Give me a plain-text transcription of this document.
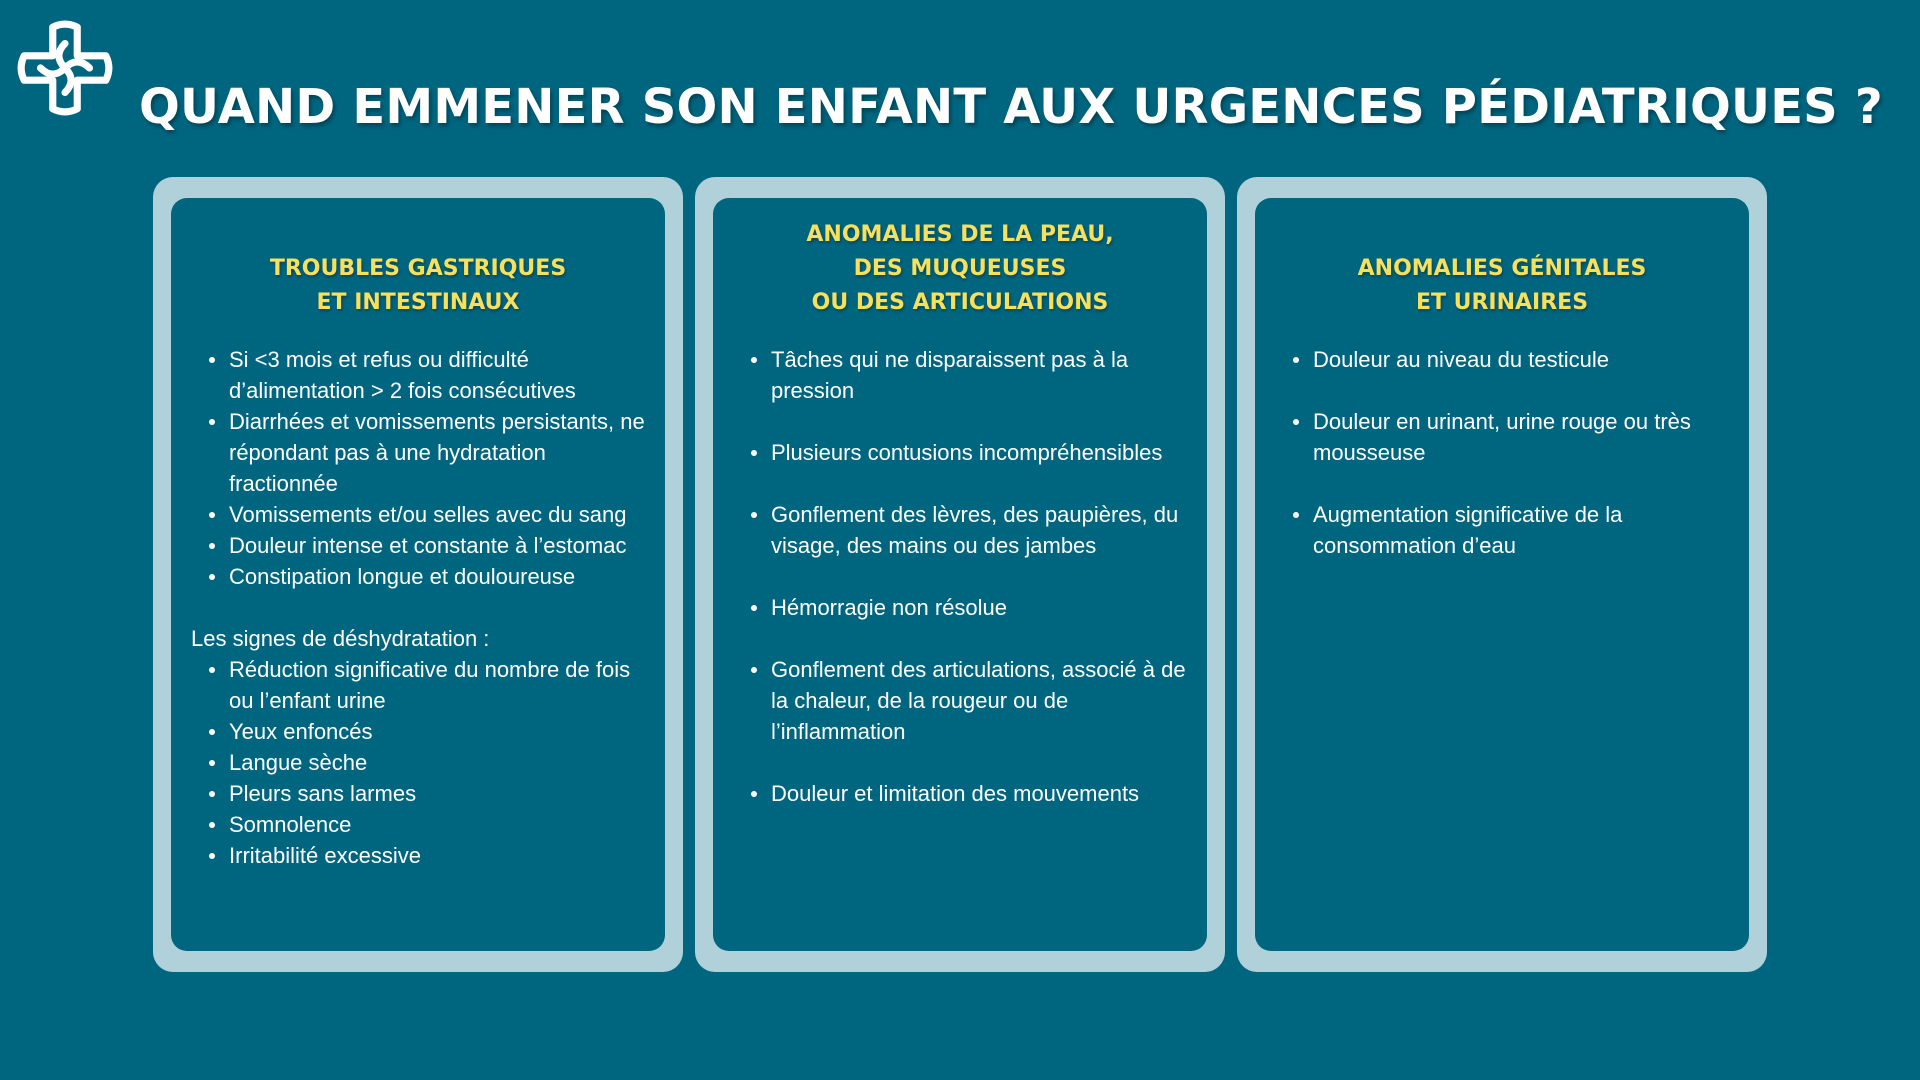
QUAND EMMENER SON ENFANT AUX URGENCES PÉDIATRIQUES ?
TROUBLES GASTRIQUES
ET INTESTINAUX
Si <3 mois et refus ou difficulté d’alimentation > 2 fois consécutives
Diarrhées et vomissements persistants, ne répondant pas à une hydratation fractionnée
Vomissements et/ou selles avec du sang
Douleur intense et constante à l’estomac
Constipation longue et douloureuse

Les signes de déshydratation :

Réduction significative du nombre de fois ou l’enfant urine
Yeux enfoncés
Langue sèche
Pleurs sans larmes
Somnolence
Irritabilité excessive
ANOMALIES DE LA PEAU,
DES MUQUEUSES
OU DES ARTICULATIONS
Tâches qui ne disparaissent pas à la pression
Plusieurs contusions incompréhensibles
Gonflement des lèvres, des paupières, du visage, des mains ou des jambes
Hémorragie non résolue
Gonflement des articulations, associé à de la chaleur, de la rougeur ou de l’inflammation
Douleur et limitation des mouvements
ANOMALIES GÉNITALES
ET URINAIRES
Douleur au niveau du testicule
Douleur en urinant, urine rouge ou très mousseuse
Augmentation significative de la consommation d’eau
